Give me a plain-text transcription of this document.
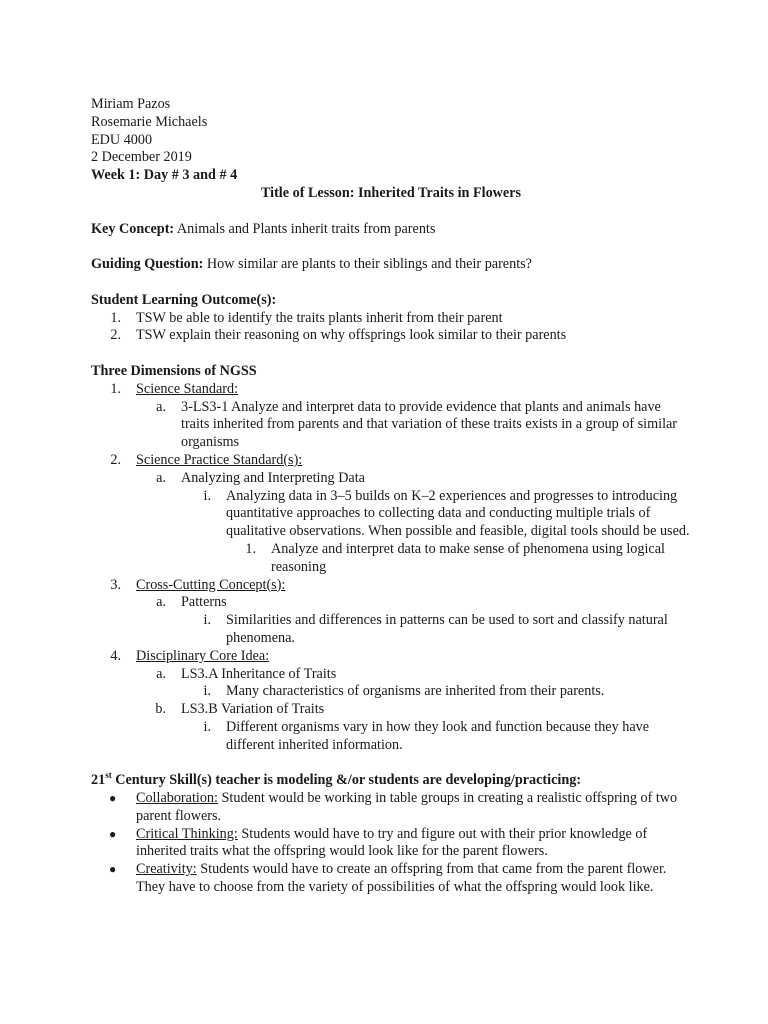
Miriam Pazos

Rosemarie Michaels

EDU 4000

2 December 2019

Week 1: Day # 3 and # 4

Title of Lesson: Inherited Traits in Flowers

Key Concept: Animals and Plants inherit traits from parents

Guiding Question: How similar are plants to their siblings and their parents?

Student Learning Outcome(s):

1. TSW be able to identify the traits plants inherit from their parent
2. TSW explain their reasoning on why offsprings look similar to their parents

Three Dimensions of NGSS

1. Science Standard:
a. 3-LS3-1 Analyze and interpret data to provide evidence that plants and animals have traits inherited from parents and that variation of these traits exists in a group of similar organisms
2. Science Practice Standard(s):
a. Analyzing and Interpreting Data
i. Analyzing data in 3–5 builds on K–2 experiences and progresses to introducing quantitative approaches to collecting data and conducting multiple trials of qualitative observations. When possible and feasible, digital tools should be used.
1. Analyze and interpret data to make sense of phenomena using logical reasoning
3. Cross-Cutting Concept(s):
a. Patterns
i. Similarities and differences in patterns can be used to sort and classify natural phenomena.
4. Disciplinary Core Idea:
a. LS3.A Inheritance of Traits
i. Many characteristics of organisms are inherited from their parents.
b. LS3.B Variation of Traits
i. Different organisms vary in how they look and function because they have different inherited information.

21st Century Skill(s) teacher is modeling &/or students are developing/practicing:

●	Collaboration: Student would be working in table groups in creating a realistic offspring of two parent flowers.
●	Critical Thinking: Students would have to try and figure out with their prior knowledge of inherited traits what the offspring would look like for the parent flowers.
●	Creativity: Students would have to create an offspring from that came from the parent flower. They have to choose from the variety of possibilities of what the offspring would look like.
